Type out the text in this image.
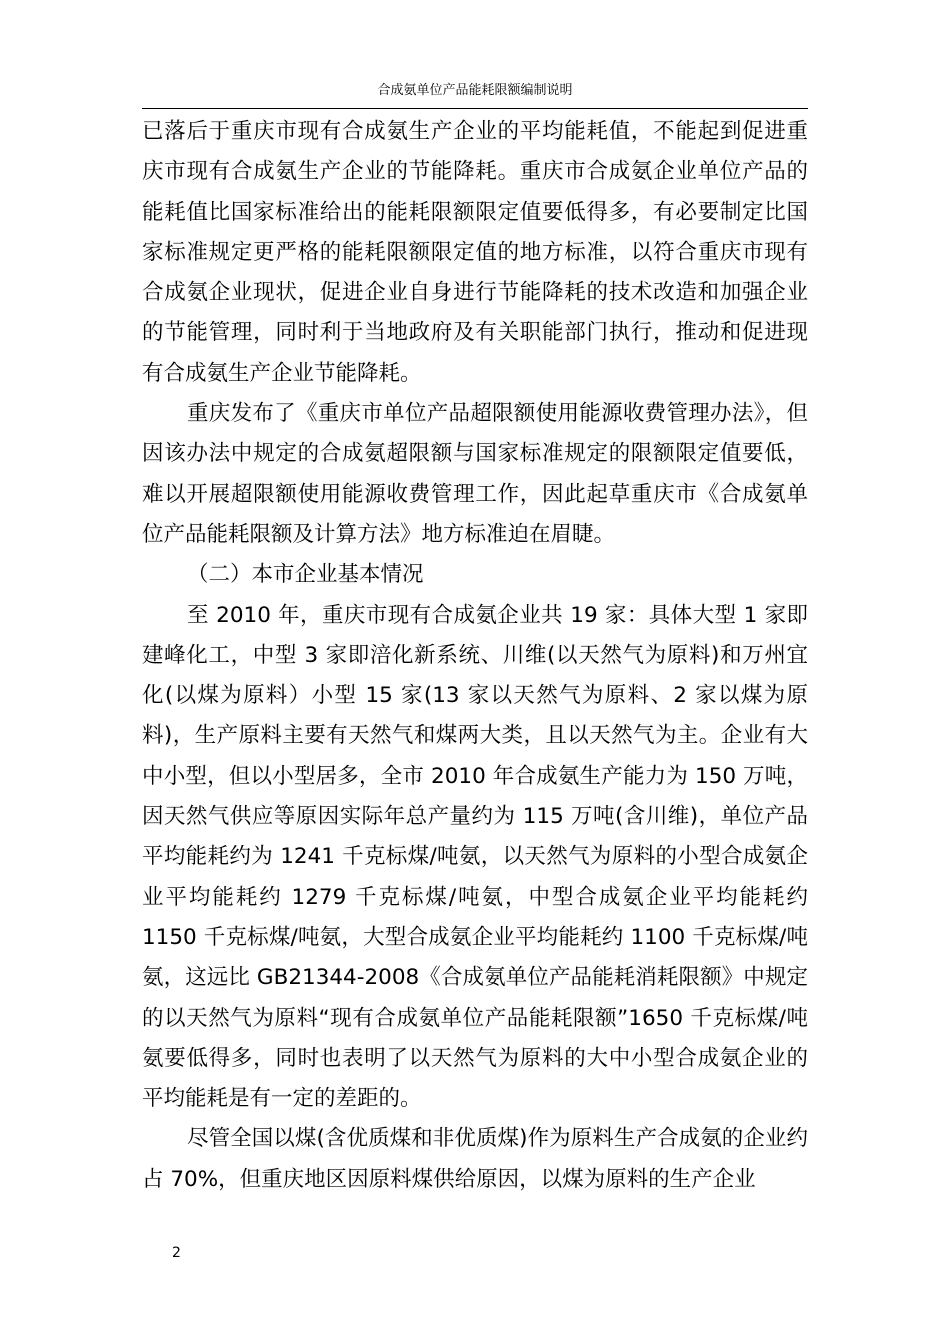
合成氨单位产品能耗限额编制说明

已落后于重庆市现有合成氨生产企业的平均能耗值，不能起到促进重庆市现有合成氨生产企业的节能降耗。重庆市合成氨企业单位产品的能耗值比国家标准给出的能耗限额限定值要低得多，有必要制定比国家标准规定更严格的能耗限额限定值的地方标准，以符合重庆市现有合成氨企业现状，促进企业自身进行节能降耗的技术改造和加强企业的节能管理，同时利于当地政府及有关职能部门执行，推动和促进现有合成氨生产企业节能降耗。

重庆发布了《重庆市单位产品超限额使用能源收费管理办法》，但因该办法中规定的合成氨超限额与国家标准规定的限额限定值要低，难以开展超限额使用能源收费管理工作，因此起草重庆市《合成氨单位产品能耗限额及计算方法》地方标准迫在眉睫。

（二）本市企业基本情况

至 2010 年，重庆市现有合成氨企业共 19 家：具体大型 1 家即建峰化工，中型 3 家即涪化新系统、川维(以天然气为原料)和万州宜化(以煤为原料）小型 15 家(13 家以天然气为原料、2 家以煤为原料)，生产原料主要有天然气和煤两大类，且以天然气为主。企业有大中小型，但以小型居多，全市 2010 年合成氨生产能力为 150 万吨，因天然气供应等原因实际年总产量约为 115 万吨(含川维)，单位产品平均能耗约为 1241 千克标煤/吨氨，以天然气为原料的小型合成氨企业平均能耗约 1279 千克标煤/吨氨，中型合成氨企业平均能耗约 1150 千克标煤/吨氨，大型合成氨企业平均能耗约 1100 千克标煤/吨氨，这远比 GB21344-2008《合成氨单位产品能耗消耗限额》中规定的以天然气为原料“现有合成氨单位产品能耗限额”1650 千克标煤/吨氨要低得多，同时也表明了以天然气为原料的大中小型合成氨企业的平均能耗是有一定的差距的。

尽管全国以煤(含优质煤和非优质煤)作为原料生产合成氨的企业约占 70%，但重庆地区因原料煤供给原因，以煤为原料的生产企业

2
